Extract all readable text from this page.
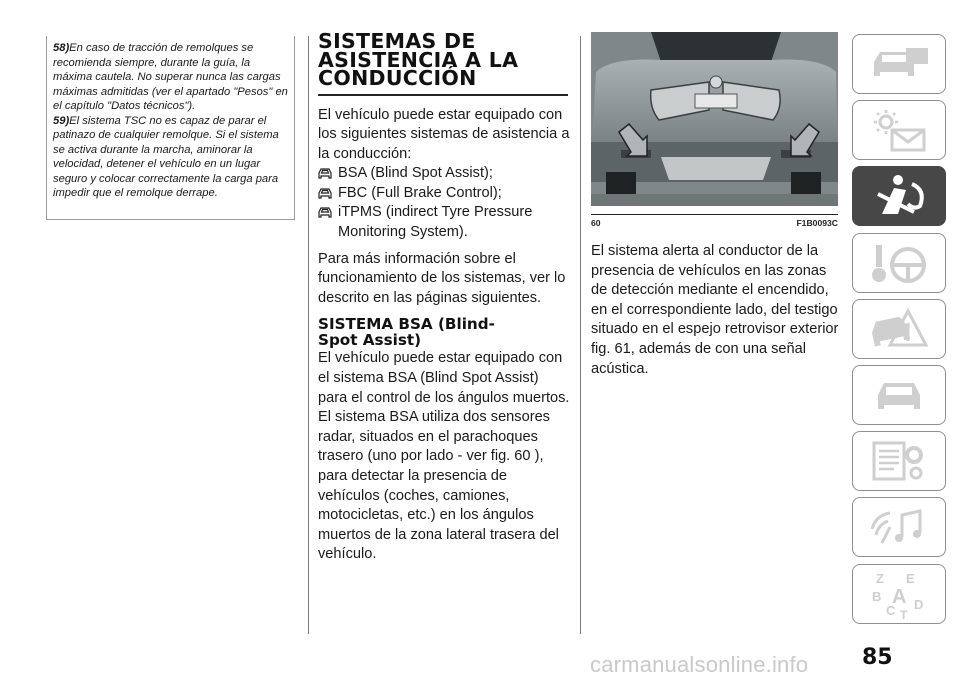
58)En caso de tracción de remolques se recomienda siempre, durante la guía, la máxima cautela. No superar nunca las cargas máximas admitidas (ver el apartado "Pesos" en el capítulo "Datos técnicos").

59)El sistema TSC no es capaz de parar el patinazo de cualquier remolque. Si el sistema se activa durante la marcha, aminorar la velocidad, detener el vehículo en un lugar seguro y colocar correctamente la carga para impedir que el remolque derrape.

SISTEMAS DE
ASISTENCIA A LA
CONDUCCIÓN

El vehículo puede estar equipado con los siguientes sistemas de asistencia a la conducción:

BSA (Blind Spot Assist);
FBC (Full Brake Control);
iTPMS (indirect Tyre Pressure Monitoring System).

Para más información sobre el funcionamiento de los sistemas, ver lo descrito en las páginas siguientes.

SISTEMA BSA (Blind-
Spot Assist)

El vehículo puede estar equipado con el sistema BSA (Blind Spot Assist) para el control de los ángulos muertos. El sistema BSA utiliza dos sensores radar, situados en el parachoques trasero (uno por lado - ver fig. 60 ), para detectar la presencia de vehículos (coches, camiones, motocicletas, etc.) en los ángulos muertos de la zona lateral trasera del vehículo.

60	F1B0093C

El sistema alerta al conductor de la presencia de vehículos en las zonas de detección mediante el encendido, en el correspondiente lado, del testigo situado en el espejo retrovisor exterior fig. 61, además de con una señal acústica.

Z E
B A
C D
T
85
carmanualsonline.info
